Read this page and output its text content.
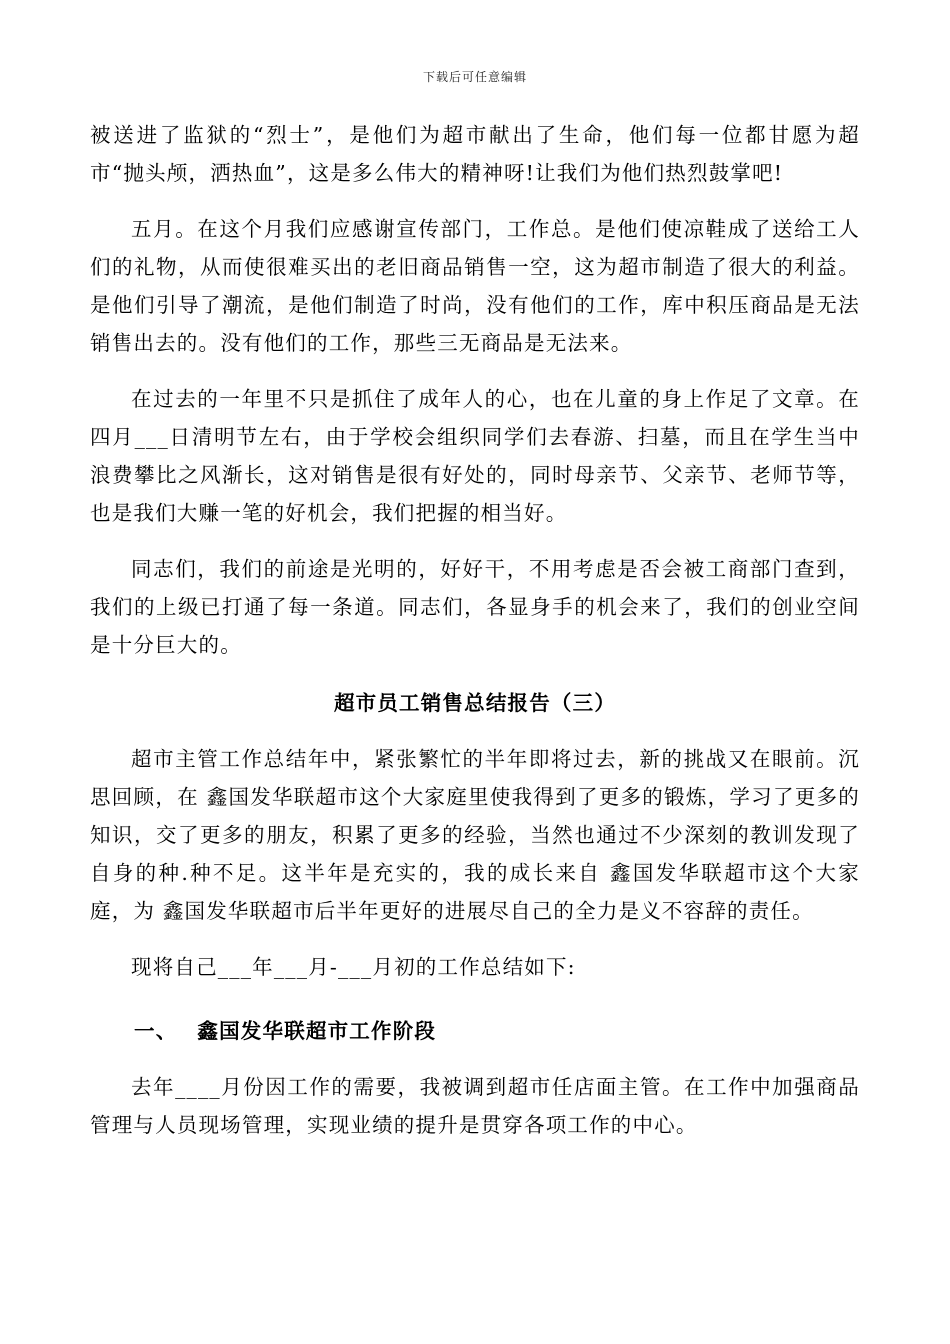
下载后可任意编辑

被送进了监狱的“烈士”，是他们为超市献出了生命，他们每一位都甘愿为超市“抛头颅，洒热血”，这是多么伟大的精神呀!让我们为他们热烈鼓掌吧!

五月。在这个月我们应感谢宣传部门，工作总。是他们使凉鞋成了送给工人们的礼物，从而使很难买出的老旧商品销售一空，这为超市制造了很大的利益。是他们引导了潮流，是他们制造了时尚，没有他们的工作，库中积压商品是无法销售出去的。没有他们的工作，那些三无商品是无法来。

在过去的一年里不只是抓住了成年人的心，也在儿童的身上作足了文章。在四月___日清明节左右，由于学校会组织同学们去春游、扫墓，而且在学生当中浪费攀比之风渐长，这对销售是很有好处的，同时母亲节、父亲节、老师节等，也是我们大赚一笔的好机会，我们把握的相当好。

同志们，我们的前途是光明的，好好干，不用考虑是否会被工商部门查到，我们的上级已打通了每一条道。同志们，各显身手的机会来了，我们的创业空间是十分巨大的。

超市员工销售总结报告（三）

超市主管工作总结年中，紧张繁忙的半年即将过去，新的挑战又在眼前。沉思回顾，在 鑫国发华联超市这个大家庭里使我得到了更多的锻炼，学习了更多的知识，交了更多的朋友，积累了更多的经验，当然也通过不少深刻的教训发现了自身的种.种不足。这半年是充实的，我的成长来自 鑫国发华联超市这个大家庭，为 鑫国发华联超市后半年更好的进展尽自己的全力是义不容辞的责任。

现将自己___年___月-___月初的工作总结如下:

一、 鑫国发华联超市工作阶段

去年____月份因工作的需要，我被调到超市任店面主管。在工作中加强商品管理与人员现场管理，实现业绩的提升是贯穿各项工作的中心。
